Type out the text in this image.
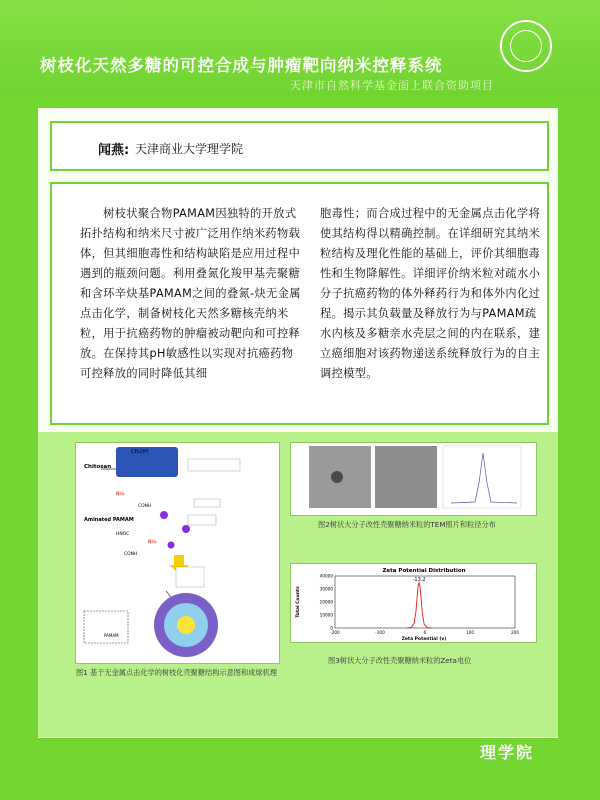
树枝化天然多糖的可控合成与肿瘤靶向纳米控释系统
天津市自然科学基金面上联合资助项目
闻燕: 天津商业大学理学院
　　树枝状聚合物PAMAM因独特的开放式拓扑结构和纳米尺寸被广泛用作纳米药物载体，但其细胞毒性和结构缺陷是应用过程中遇到的瓶颈问题。利用叠氮化羧甲基壳聚糖和含环辛炔基PAMAM之间的叠氮-炔无金属点击化学，制备树枝化天然多糖核壳纳米粒，用于抗癌药物的肿瘤被动靶向和可控释放。在保持其pH敏感性以实现对抗癌药物可控释放的同时降低其细
胞毒性；而合成过程中的无金属点击化学将使其结构得以精确控制。在详细研究其纳米粒结构及理化性能的基础上，评价其细胞毒性和生物降解性。详细评价纳米粒对疏水小分子抗癌药物的体外释药行为和体外内化过程。揭示其负载量及释放行为与PAMAM疏水内核及多糖亲水壳层之间的内在联系，建立癌细胞对该药物递送系统释放行为的自主调控模型。
CH₂OH
Chitosan
NH₂
CONH
Aminated PAMAM
HNOC
NH₂
CONH
PAMAM
图1 基于无金属点击化学的树枝化壳聚糖结构示意图和成球机理
图2树状大分子改性壳聚糖纳米粒的TEM照片和粒径分布
Zeta Potential Distribution
Total Counts
Zeta Potential (v)
-200	-100	0	100	200
0
10000
20000
30000
40000
-13.2
图3树状大分子改性壳聚糖纳米粒的Zeta电位
理学院
